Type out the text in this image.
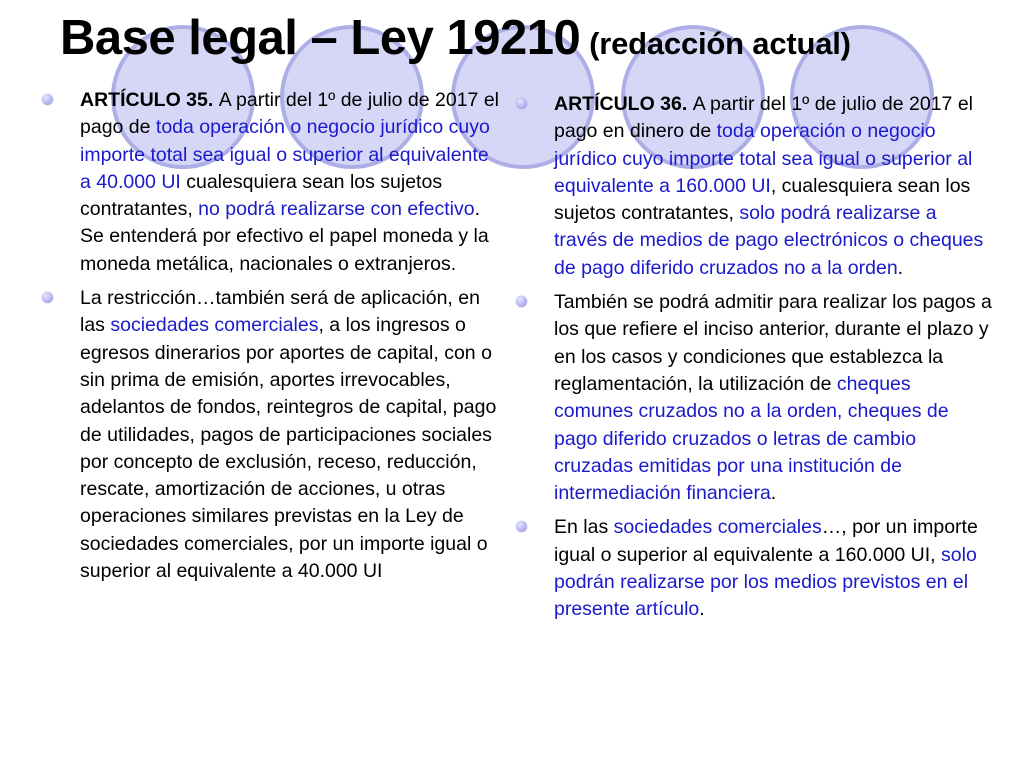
Base legal – Ley 19210 (redacción actual)
ARTÍCULO 35. A partir del 1º de julio de 2017 el pago de toda operación o negocio jurídico cuyo importe total sea igual o superior al equivalente a 40.000 UI cualesquiera sean los sujetos contratantes, no podrá realizarse con efectivo. Se entenderá por efectivo el papel moneda y la moneda metálica, nacionales o extranjeros.
La restricción…también será de aplicación, en las sociedades comerciales, a los ingresos o egresos dinerarios por aportes de capital, con o sin prima de emisión, aportes irrevocables, adelantos de fondos, reintegros de capital, pago de utilidades, pagos de participaciones sociales por concepto de exclusión, receso, reducción, rescate, amortización de acciones, u otras operaciones similares previstas en la Ley de sociedades comerciales, por un importe igual o superior al equivalente a 40.000 UI
ARTÍCULO 36. A partir del 1º de julio de 2017 el pago en dinero de toda operación o negocio jurídico cuyo importe total sea igual o superior al equivalente a 160.000 UI, cualesquiera sean los sujetos contratantes, solo podrá realizarse a través de medios de pago electrónicos o cheques de pago diferido cruzados no a la orden.
También se podrá admitir para realizar los pagos a los que refiere el inciso anterior, durante el plazo y en los casos y condiciones que establezca la reglamentación, la utilización de cheques comunes cruzados no a la orden, cheques de pago diferido cruzados o letras de cambio cruzadas emitidas por una institución de intermediación financiera.
En las sociedades comerciales…, por un importe igual o superior al equivalente a 160.000 UI, solo podrán realizarse por los medios previstos en el presente artículo.
